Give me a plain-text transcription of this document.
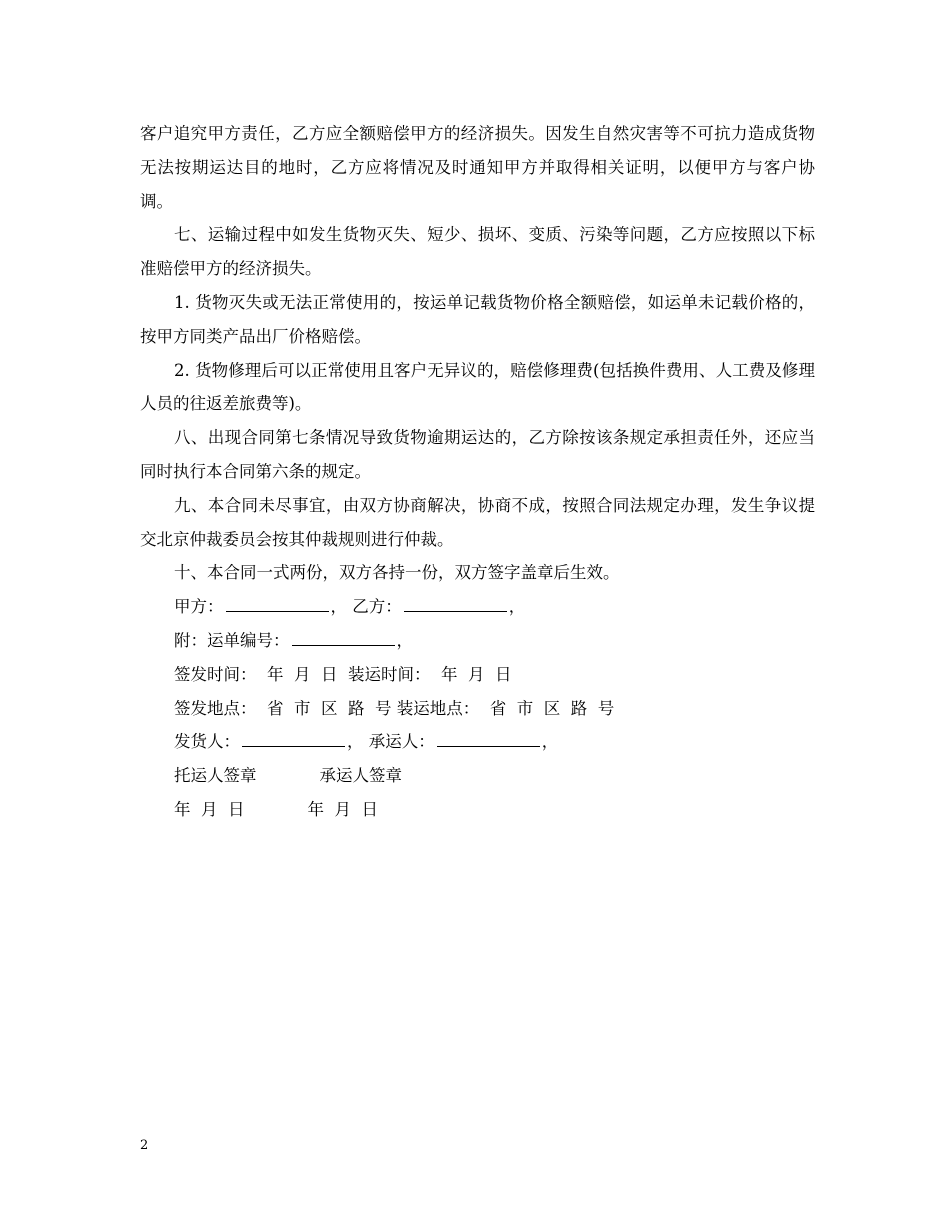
客户追究甲方责任，乙方应全额赔偿甲方的经济损失。因发生自然灾害等不可抗力造成货物无法按期运达目的地时，乙方应将情况及时通知甲方并取得相关证明，以便甲方与客户协调。

七、运输过程中如发生货物灭失、短少、损坏、变质、污染等问题，乙方应按照以下标准赔偿甲方的经济损失。

1. 货物灭失或无法正常使用的，按运单记载货物价格全额赔偿，如运单未记载价格的，按甲方同类产品出厂价格赔偿。

2. 货物修理后可以正常使用且客户无异议的，赔偿修理费(包括换件费用、人工费及修理人员的往返差旅费等)。

八、出现合同第七条情况导致货物逾期运达的，乙方除按该条规定承担责任外，还应当同时执行本合同第六条的规定。

九、本合同未尽事宜，由双方协商解决，协商不成，按照合同法规定办理，发生争议提交北京仲裁委员会按其仲裁规则进行仲裁。

十、本合同一式两份，双方各持一份，双方签字盖章后生效。

甲方：	， 乙方：	，
附：运单编号：	，
签发时间： 年 月 日 装运时间： 年 月 日
签发地点： 省 市 区 路 号 装运地点： 省 市 区 路 号
发货人：	， 承运人：	，
托运人签章	承运人签章
年 月 日	年 月 日
2
